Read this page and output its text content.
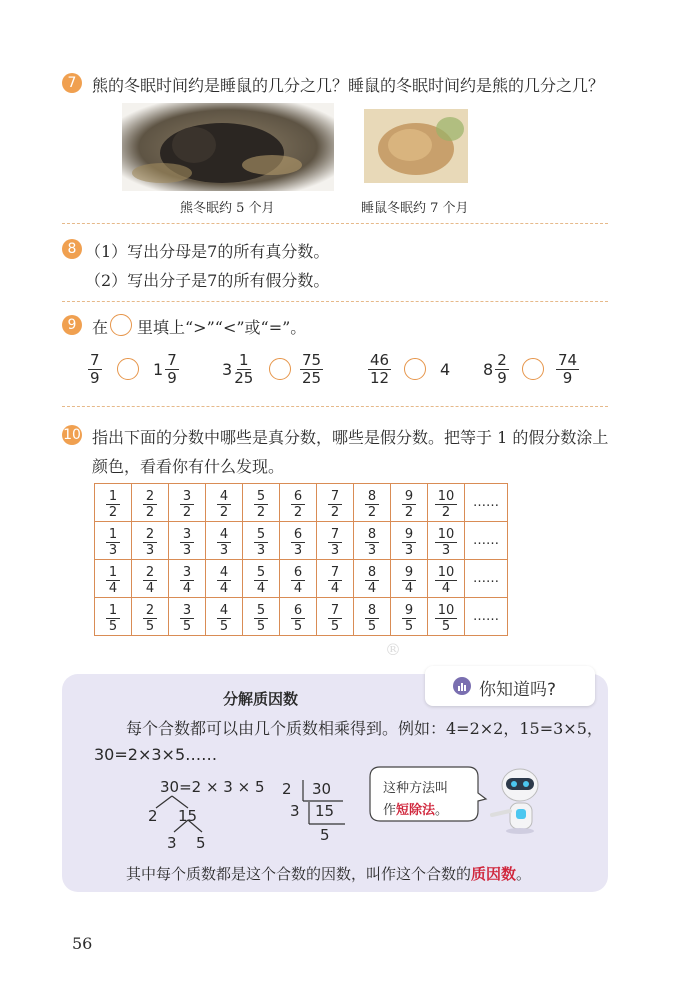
7 熊的冬眠时间约是睡鼠的几分之几？睡鼠的冬眠时间约是熊的几分之几？
熊冬眠约 5 个月	睡鼠冬眠约 7 个月
8 （1）写出分母是7的所有真分数。
（2）写出分子是7的所有假分数。
9 在 里填上“>”“<”或“=”。
$\frac{7}{9}$	$1 \frac{7}{9}$	$3 \frac{1}{25}$	$\frac{75}{25}$	$\frac{46}{12}$	4 $8 \frac{2}{9}$	$\frac{74}{9}$
10 指出下面的分数中哪些是真分数，哪些是假分数。把等于 1 的假分数涂上
颜色，看看你有什么发现。
$\frac{1}{2}$	$\frac{2}{2}$	$\frac{3}{2}$	$\frac{4}{2}$	$\frac{5}{2}$	$\frac{6}{2}$	$\frac{7}{2}$	$\frac{8}{2}$	$\frac{9}{2}$	$\frac{10}{2}$	……

$\frac{1}{3}$	$\frac{2}{3}$	$\frac{3}{3}$	$\frac{4}{3}$	$\frac{5}{3}$	$\frac{6}{3}$	$\frac{7}{3}$	$\frac{8}{3}$	$\frac{9}{3}$	$\frac{10}{3}$	……

$\frac{1}{4}$	$\frac{2}{4}$	$\frac{3}{4}$	$\frac{4}{4}$	$\frac{5}{4}$	$\frac{6}{4}$	$\frac{7}{4}$	$\frac{8}{4}$	$\frac{9}{4}$	$\frac{10}{4}$	……

$\frac{1}{5}$	$\frac{2}{5}$	$\frac{3}{5}$	$\frac{4}{5}$	$\frac{5}{5}$	$\frac{6}{5}$	$\frac{7}{5}$	$\frac{8}{5}$	$\frac{9}{5}$	$\frac{10}{5}$	……
®
你知道吗?
分解质因数
每个合数都可以由几个质数相乘得到。例如：4=2×2，15=3×5，
30=2×3×5……
30=2 × 3 × 5
2 15
3 5
2 30
3 15
5
这种方法叫
作短除法。
其中每个质数都是这个合数的因数，叫作这个合数的质因数。
56
